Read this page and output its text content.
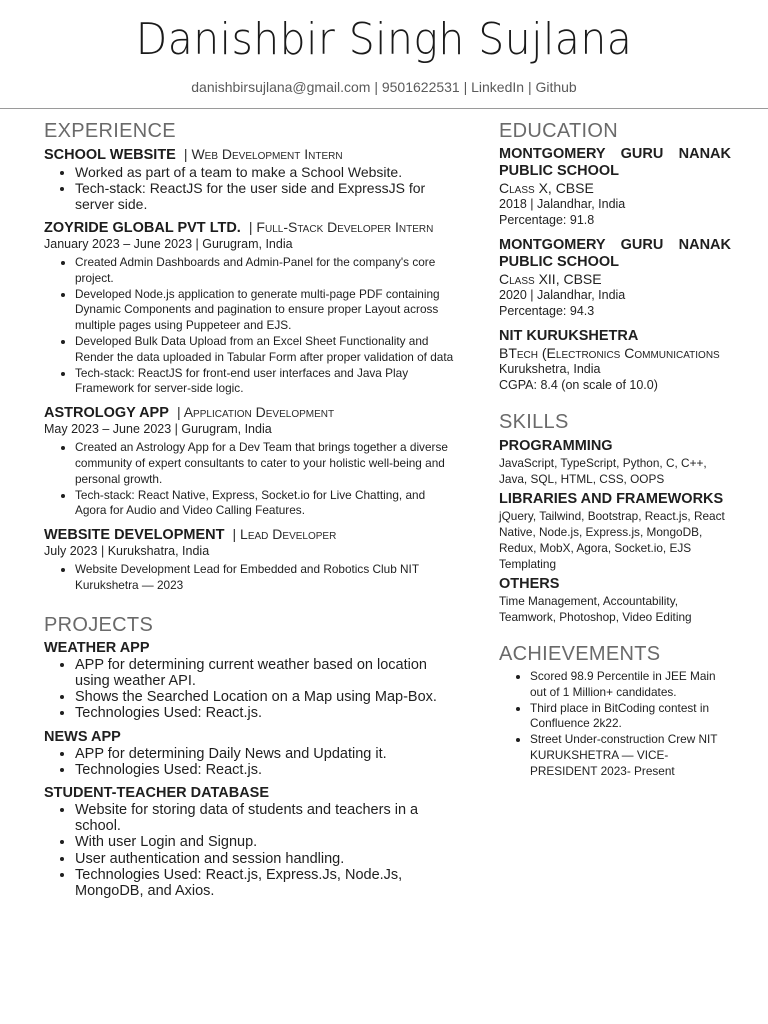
Danishbir Singh Sujlana
danishbirsujlana@gmail.com | 9501622531 | LinkedIn | Github
EXPERIENCE
SCHOOL WEBSITE | Web Development Intern
• Worked as part of a team to make a School Website.
• Tech-stack: ReactJS for the user side and ExpressJS for server side.
ZOYRIDE GLOBAL PVT LTD. | Full-Stack Developer Intern
January 2023 – June 2023 | Gurugram, India
• Created Admin Dashboards and Admin-Panel for the company's core project.
• Developed Node.js application to generate multi-page PDF containing Dynamic Components and pagination to ensure proper Layout across multiple pages using Puppeteer and EJS.
• Developed Bulk Data Upload from an Excel Sheet Functionality and Render the data uploaded in Tabular Form after proper validation of data
• Tech-stack: ReactJS for front-end user interfaces and Java Play Framework for server-side logic.
ASTROLOGY APP | Application Development
May 2023 – June 2023 | Gurugram, India
• Created an Astrology App for a Dev Team that brings together a diverse community of expert consultants to cater to your holistic well-being and personal growth.
• Tech-stack: React Native, Express, Socket.io for Live Chatting, and Agora for Audio and Video Calling Features.
WEBSITE DEVELOPMENT | Lead Developer
July 2023 | Kurukshatra, India
• Website Development Lead for Embedded and Robotics Club NIT Kurukshetra — 2023
PROJECTS
WEATHER APP
• APP for determining current weather based on location using weather API.
• Shows the Searched Location on a Map using Map-Box.
• Technologies Used: React.js.
NEWS APP
• APP for determining Daily News and Updating it.
• Technologies Used: React.js.
STUDENT-TEACHER DATABASE
• Website for storing data of students and teachers in a school.
• With user Login and Signup.
• User authentication and session handling.
• Technologies Used: React.js, Express.Js, Node.Js, MongoDB, and Axios.
EDUCATION
MONTGOMERY GURU NANAK PUBLIC SCHOOL
Class X, CBSE
2018 | Jalandhar, India
Percentage: 91.8
MONTGOMERY GURU NANAK PUBLIC SCHOOL
Class XII, CBSE
2020 | Jalandhar, India
Percentage: 94.3
NIT KURUKSHETRA
BTech (Electronics Communications
Kurukshetra, India
CGPA: 8.4 (on scale of 10.0)
SKILLS
PROGRAMMING
JavaScript, TypeScript, Python, C, C++, Java, SQL, HTML, CSS, OOPS
LIBRARIES AND FRAMEWORKS
jQuery, Tailwind, Bootstrap, React.js, React Native, Node.js, Express.js, MongoDB, Redux, MobX, Agora, Socket.io, EJS Templating
OTHERS
Time Management, Accountability, Teamwork, Photoshop, Video Editing
ACHIEVEMENTS
• Scored 98.9 Percentile in JEE Main out of 1 Million+ candidates.
• Third place in BitCoding contest in Confluence 2k22.
• Street Under-construction Crew NIT KURUKSHETRA — VICE-PRESIDENT 2023- Present
